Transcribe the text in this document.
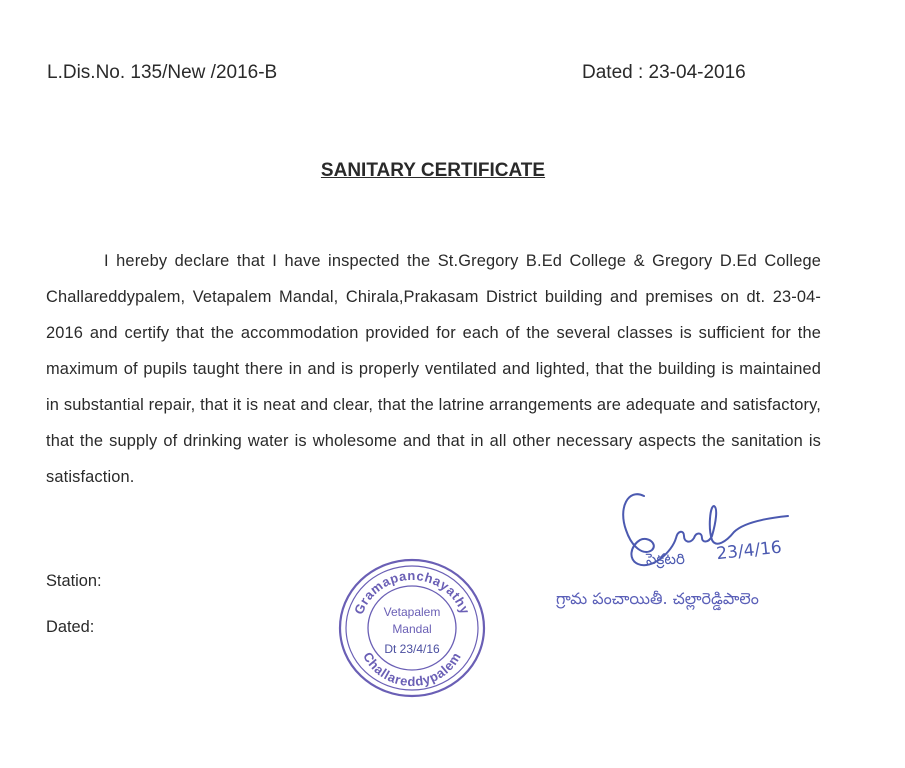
L.Dis.No. 135/New /2016-B	Dated : 23-04-2016
SANITARY CERTIFICATE
I hereby declare that I have inspected the St.Gregory B.Ed College & Gregory D.Ed College Challareddypalem, Vetapalem Mandal, Chirala,Prakasam District building and premises on dt. 23-04-2016 and certify that the accommodation provided for each of the several classes is sufficient for the maximum of pupils taught there in and is properly ventilated and lighted, that the building is maintained in substantial repair, that it is neat and clear, that the latrine arrangements are adequate and satisfactory, that the supply of drinking water is wholesome and that in all other necessary aspects the sanitation is satisfaction.
Station:
Dated:
Gramapanchayathy
Challareddypalem
Vetapalem
Mandal
Dt 23/4/16
సెక్రటరి 23/4/16
గ్రామ పంచాయితీ. చల్లారెడ్డిపాలెం
